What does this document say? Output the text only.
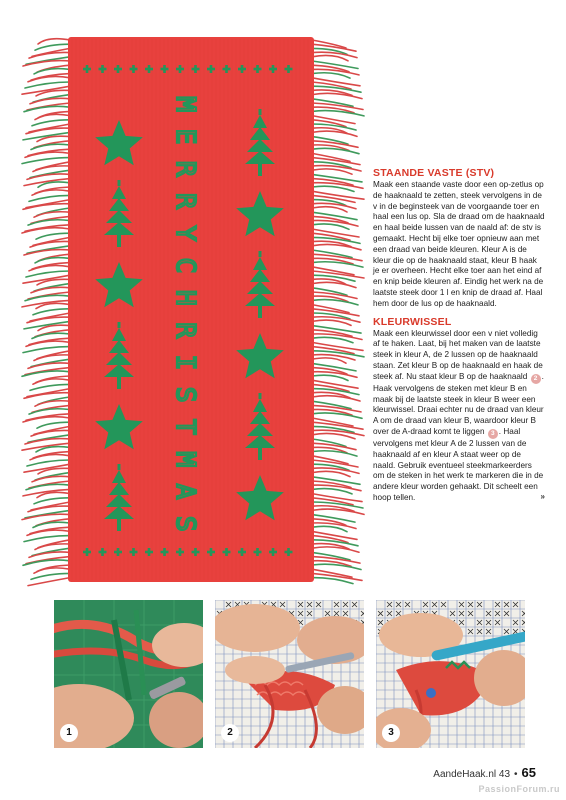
M
E
R
R
Y
C
H
R
I
S
T
M
A
S
STAANDE VASTE (STV)
Maak een staande vaste door een op-zetlus op de haaknaald te zetten, steek vervolgens in de v in de beginsteek van de voorgaande toer en haal een lus op. Sla de draad om de haaknaald en haal beide lussen van de naald af: de stv is gemaakt. Hecht bij elke toer opnieuw aan met een draad van beide kleuren. Kleur A is de kleur die op de haaknaald staat, kleur B haak je er overheen. Hecht elke toer aan het eind af en knip beide kleuren af. Eindig het werk na de laatste steek door 1 l en knip de draad af. Haal hem door de lus op de haaknaald.
KLEURWISSEL
Maak een kleurwissel door een v niet volledig af te haken. Laat, bij het maken van de laatste steek in kleur A, de 2 lussen op de haaknaald staan. Zet kleur B op de haaknaald en haak de steek af. Nu staat kleur B op de haaknaald 2 . Haak vervolgens de steken met kleur B en maak bij de laatste steek in kleur B weer een kleurwissel. Draai echter nu de draad van kleur A om de draad van kleur B, waardoor kleur B over de A-draad komt te liggen 3 . Haal vervolgens met kleur A de 2 lussen van de haaknaald af en kleur A staat weer op de naald. Gebruik eventueel steekmarkeerders om de steken in het werk te markeren die in de andere kleur worden gehaakt. Dit scheelt een hoop tellen.	»
1	2	3
AandeHaak.nl 43 • 65
PassionForum.ru
